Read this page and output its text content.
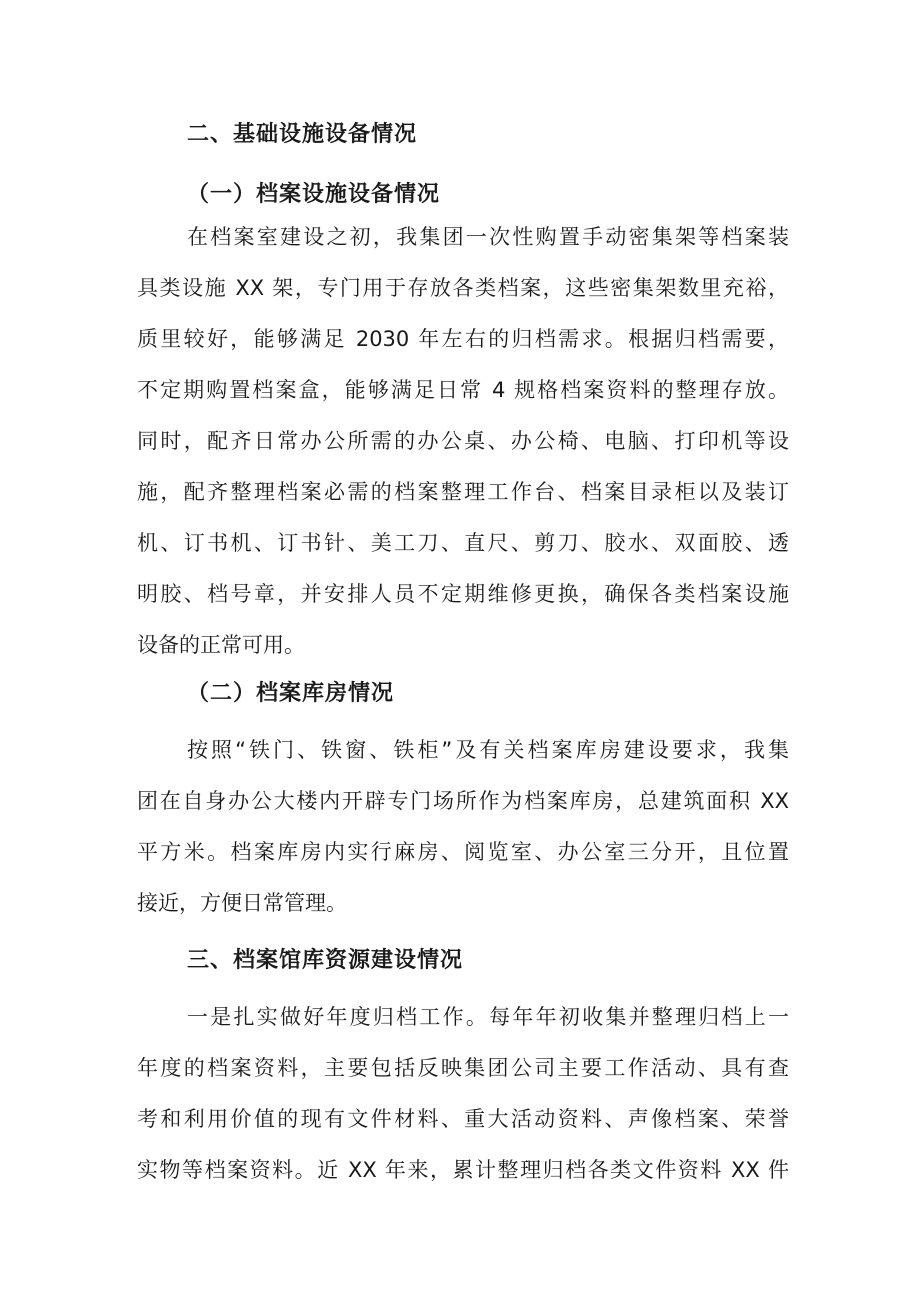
二、基础设施设备情况
（一）档案设施设备情况
在档案室建设之初，我集团一次性购置手动密集架等档案装
具类设施 XX 架，专门用于存放各类档案，这些密集架数里充裕，
质里较好，能够满足 2030 年左右的归档需求。根据归档需要，
不定期购置档案盒，能够满足日常 4 规格档案资料的整理存放。
同时，配齐日常办公所需的办公桌、办公椅、电脑、打印机等设
施，配齐整理档案必需的档案整理工作台、档案目录柜以及装订
机、订书机、订书针、美工刀、直尺、剪刀、胶水、双面胶、透
明胶、档号章，并安排人员不定期维修更换，确保各类档案设施
设备的正常可用。
（二）档案库房情况
按照“铁门、铁窗、铁柜”及有关档案库房建设要求，我集
团在自身办公大楼内开辟专门场所作为档案库房，总建筑面积 XX
平方米。档案库房内实行麻房、阅览室、办公室三分开，且位置
接近，方便日常管理。
三、档案馆库资源建设情况
一是扎实做好年度归档工作。每年年初收集并整理归档上一
年度的档案资料，主要包括反映集团公司主要工作活动、具有查
考和利用价值的现有文件材料、重大活动资料、声像档案、荣誉
实物等档案资料。近 XX 年来，累计整理归档各类文件资料 XX 件
